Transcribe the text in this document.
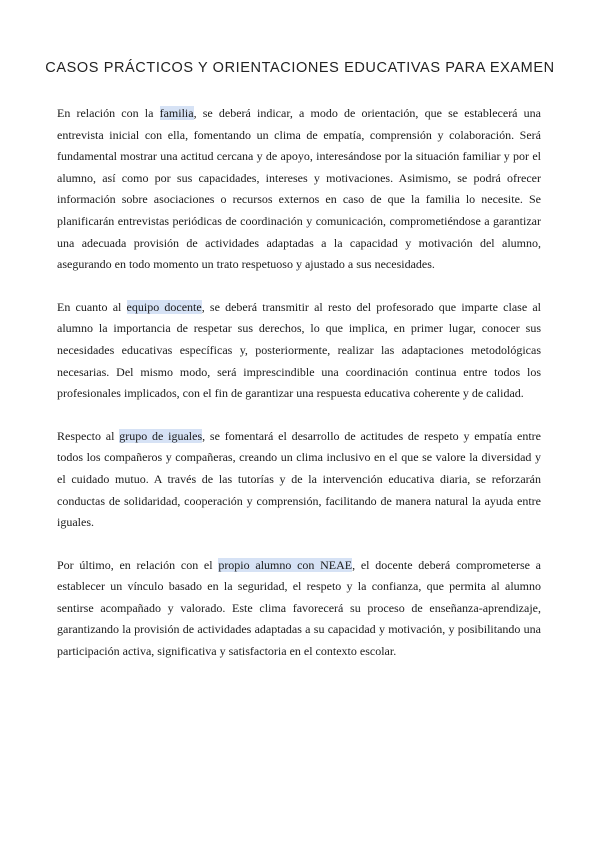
CASOS PRÁCTICOS Y ORIENTACIONES EDUCATIVAS PARA EXAMEN

En relación con la familia, se deberá indicar, a modo de orientación, que se establecerá una entrevista inicial con ella, fomentando un clima de empatía, comprensión y colaboración. Será fundamental mostrar una actitud cercana y de apoyo, interesándose por la situación familiar y por el alumno, así como por sus capacidades, intereses y motivaciones. Asimismo, se podrá ofrecer información sobre asociaciones o recursos externos en caso de que la familia lo necesite. Se planificarán entrevistas periódicas de coordinación y comunicación, comprometiéndose a garantizar una adecuada provisión de actividades adaptadas a la capacidad y motivación del alumno, asegurando en todo momento un trato respetuoso y ajustado a sus necesidades.

En cuanto al equipo docente, se deberá transmitir al resto del profesorado que imparte clase al alumno la importancia de respetar sus derechos, lo que implica, en primer lugar, conocer sus necesidades educativas específicas y, posteriormente, realizar las adaptaciones metodológicas necesarias. Del mismo modo, será imprescindible una coordinación continua entre todos los profesionales implicados, con el fin de garantizar una respuesta educativa coherente y de calidad.

Respecto al grupo de iguales, se fomentará el desarrollo de actitudes de respeto y empatía entre todos los compañeros y compañeras, creando un clima inclusivo en el que se valore la diversidad y el cuidado mutuo. A través de las tutorías y de la intervención educativa diaria, se reforzarán conductas de solidaridad, cooperación y comprensión, facilitando de manera natural la ayuda entre iguales.

Por último, en relación con el propio alumno con NEAE, el docente deberá comprometerse a establecer un vínculo basado en la seguridad, el respeto y la confianza, que permita al alumno sentirse acompañado y valorado. Este clima favorecerá su proceso de enseñanza-aprendizaje, garantizando la provisión de actividades adaptadas a su capacidad y motivación, y posibilitando una participación activa, significativa y satisfactoria en el contexto escolar.
